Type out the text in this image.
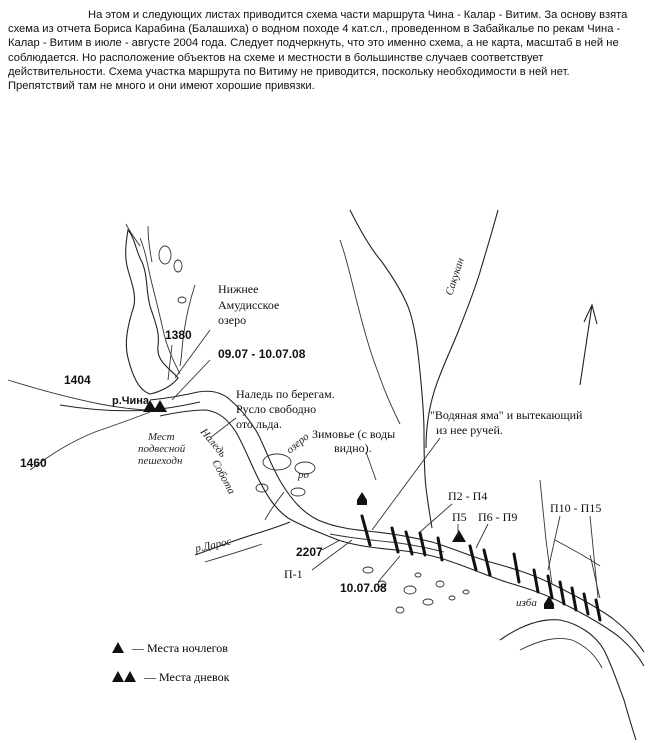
На этом и следующих листах приводится схема части маршрута Чина - Калар - Витим. За основу взята схема из отчета Бориса Карабина (Балашиха) о водном походе 4 кат.сл., проведенном в Забайкалье по рекам Чина - Калар - Витим в июле - августе 2004 года. Следует подчеркнуть, что это именно схема, а не карта, масштаб в ней не соблюдается. Но расположение объектов на схеме и местности в большинстве случаев соответствует действительности. Схема участка маршрута по Витиму не приводится, поскольку необходимости в ней нет. Препятствий там не много и они имеют хорошие привязки.

Нижнее
Амудисское
озеро
1380
09.07 - 10.07.08
1404
1460
р.Чина	Наледь по берегам.
Русло свободно
ото льда.
Зимовье (с воды
видно).
"Водяная яма" и вытекающий
из нее ручей.
2207
П-1
10.07.08
П2 - П4
П5 П6 - П9
П10 - П15
Мест
подвесной
пешеходн
Наледь
Собота
озеро
ро
р.Дарос
Сакукан
изба
— Места ночлегов
— Места дневок
